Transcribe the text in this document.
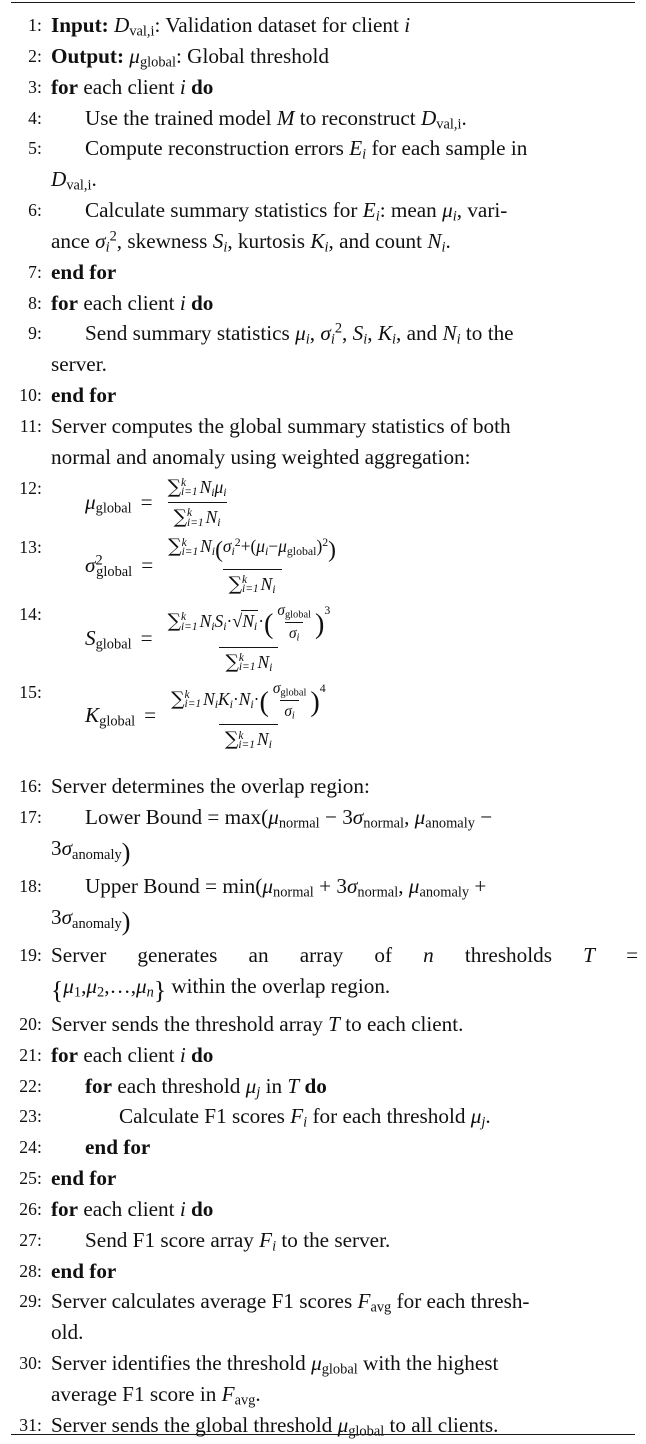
1: Input: $D_{val,i}$: Validation dataset for client i
2: Output: $\mu_{global}$: Global threshold
3: for each client i do
4:	Use the trained model M to reconstruct $D_{val,i}$.
5:	Compute reconstruction errors $E_i$ for each sample in
$D_{val,i}$.
6:	Calculate summary statistics for $E_i$: mean $\mu_i$, vari-
ance $\sigma_i^2$, skewness $S_i$, kurtosis $K_i$, and count $N_i$.
7: end for
8: for each client i do
9:	Send summary statistics $\mu_i$, $\sigma_i^2$, $S_i$, $K_i$, and $N_i$ to the
server.
10: end for
11: Server computes the global summary statistics of both
normal and anomaly using weighted aggregation:
12:
$\mu_{global}$ = ∑ k
i=1 $N_i\mu_i$
∑ k
i=1 $N_i$
13:
$\sigma^2_{global}$ = ∑ k
i=1 $N_i(\sigma_i^2+(\mu_i-\mu_{global})^2)$
∑ k
i=1 $N_i$
14:
$S_{global}$ = ∑ k
i=1 $N_iS_i\cdot√N_i\cdot( \frac{\sigma_{global}}{\sigma_i} )^3$
∑ k
i=1 $N_i$
15:
$K_{global}$ = ∑ k
i=1 $N_iK_i\cdot N_i\cdot( \frac{\sigma_{global}}{\sigma_i} )^4$
∑ k
i=1 $N_i$
16: Server determines the overlap region:
17:	Lower Bound = $\max(\mu_{normal} - 3\sigma_{normal}$, $\mu_{anomaly}$ −
$3\sigma_{anomaly}$)
18:	Upper Bound = $\min(\mu_{normal} + 3\sigma_{normal}$, $\mu_{anomaly}$ +
$3\sigma_{anomaly}$)
19: Server generates an array of n thresholds T =
$\{\mu_1,\mu_2,\dots,\mu_n\}$ within the overlap region.
20: Server sends the threshold array T to each client.
21: for each client i do
22:	for each threshold $\mu_j$ in T do
23:	Calculate F1 scores $F_i$ for each threshold $\mu_j$.
24:	end for
25: end for
26: for each client i do
27:	Send F1 score array $F_i$ to the server.
28: end for
29: Server calculates average F1 scores $F_{avg}$ for each thresh-
old.
30: Server identifies the threshold $\mu_{global}$ with the highest
average F1 score in $F_{avg}$.
31: Server sends the global threshold $\mu_{global}$ to all clients.
